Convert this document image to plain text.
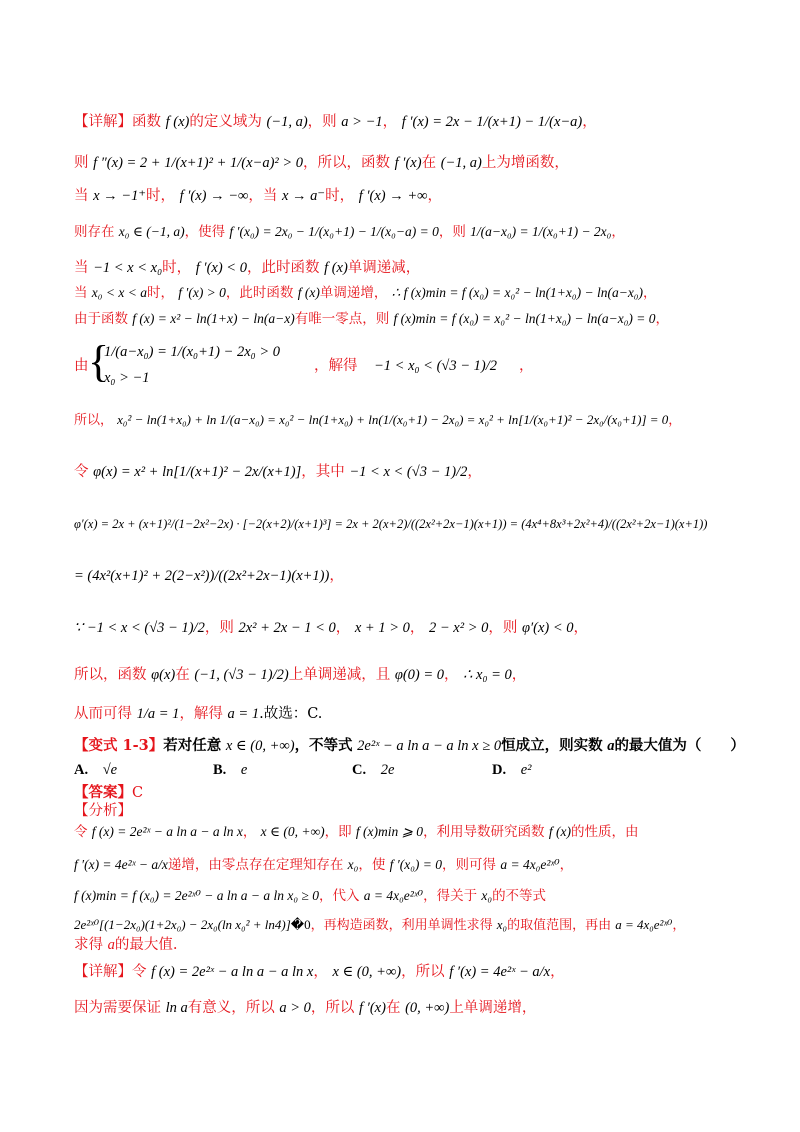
【详解】函数 f (x)的定义域为 (−1, a)，则 a > −1， f ′(x) = 2x − 1/(x+1) − 1/(x−a)，
则 f ″(x) = 2 + 1/(x+1)² + 1/(x−a)² > 0，所以，函数 f ′(x)在 (−1, a)上为增函数，
当 x → −1⁺时， f ′(x) → −∞，当 x → a⁻时， f ′(x) → +∞，
则存在 x₀ ∈ (−1, a)，使得 f ′(x₀) = 2x₀ − 1/(x₀+1) − 1/(x₀−a) = 0，则 1/(a−x₀) = 1/(x₀+1) − 2x₀，
当 −1 < x < x₀时， f ′(x) < 0，此时函数 f (x)单调递减，
当 x₀ < x < a时， f ′(x) > 0，此时函数 f (x)单调递增， ∴ f (x)min = f (x₀) = x₀² − ln(1+x₀) − ln(a−x₀)，
由于函数 f (x) = x² − ln(1+x) − ln(a−x)有唯一零点，则 f (x)min = f (x₀) = x₀² − ln(1+x₀) − ln(a−x₀) = 0，
由 {
1/(a−x₀) = 1/(x₀+1) − 2x₀ > 0
x₀ > −1
，解得 −1 < x₀ < (√3 − 1)/2 ，
所以， x₀² − ln(1+x₀) + ln 1/(a−x₀) = x₀² − ln(1+x₀) + ln(1/(x₀+1) − 2x₀) = x₀² + ln[1/(x₀+1)² − 2x₀/(x₀+1)] = 0，
令 φ(x) = x² + ln[1/(x+1)² − 2x/(x+1)]，其中 −1 < x < (√3 − 1)/2，
φ′(x) = 2x + (x+1)²/(1−2x²−2x) · [−2(x+2)/(x+1)³] = 2x + 2(x+2)/((2x²+2x−1)(x+1)) = (4x⁴+8x³+2x²+4)/((2x²+2x−1)(x+1))
= (4x²(x+1)² + 2(2−x²))/((2x²+2x−1)(x+1))，
∵ −1 < x < (√3 − 1)/2，则 2x² + 2x − 1 < 0， x + 1 > 0， 2 − x² > 0，则 φ′(x) < 0，
所以，函数 φ(x)在 (−1, (√3 − 1)/2)上单调递减，且 φ(0) = 0， ∴ x₀ = 0，
从而可得 1/a = 1，解得 a = 1.故选：C.
【变式 1-3】若对任意 x ∈ (0, +∞)，不等式 2e²ˣ − a ln a − a ln x ≥ 0恒成立，则实数 a的最大值为（　　）
A. √e	B. e	C. 2e	D. e²
【答案】C
【分析】
令 f (x) = 2e²ˣ − a ln a − a ln x， x ∈ (0, +∞)，即 f (x)min ⩾ 0，利用导数研究函数 f (x)的性质，由
f ′(x) = 4e²ˣ − a/x递增，由零点存在定理知存在 x₀，使 f ′(x₀) = 0，则可得 a = 4x₀e²ˣ⁰，
f (x)min = f (x₀) = 2e²ˣ⁰ − a ln a − a ln x₀ ≥ 0，代入 a = 4x₀e²ˣ⁰，得关于 x₀的不等式
2e²ˣ⁰[(1−2x₀)(1+2x₀) − 2x₀(ln x₀² + ln4)]�0，再构造函数，利用单调性求得 x₀的取值范围，再由 a = 4x₀e²ˣ⁰，
求得 a的最大值.
【详解】令 f (x) = 2e²ˣ − a ln a − a ln x， x ∈ (0, +∞)，所以 f ′(x) = 4e²ˣ − a/x，
因为需要保证 ln a有意义，所以 a > 0，所以 f ′(x)在 (0, +∞)上单调递增，
